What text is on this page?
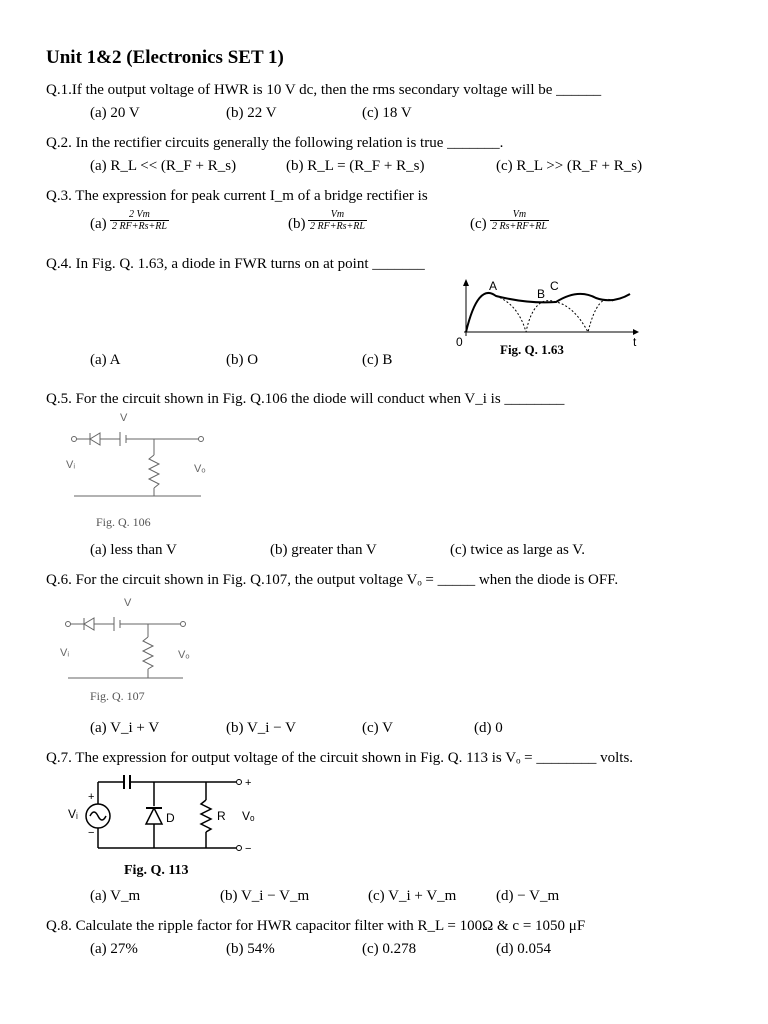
Unit 1&2 (Electronics SET 1)
Q.1.If the output voltage of HWR is 10 V dc, then the rms secondary voltage will be ______
(a) 20 V	(b) 22 V	(c) 18 V
Q.2. In the rectifier circuits generally the following relation is true _______.
(a) R_L << (R_F + R_s)	(b) R_L = (R_F + R_s)	(c) R_L >> (R_F + R_s)
Q.3. The expression for peak current I_m of a bridge rectifier is
$(a) \frac{2 Vm}{2 RF+Rs+RL}$	$(b) \frac{Vm}{2 RF+Rs+RL}$	$(c) \frac{Vm}{2 Rs+RF+RL}$
Q.4. In Fig. Q. 1.63, a diode in FWR turns on at point _______
A
B
C
0	t
Fig. Q. 1.63
(a) A	(b) O	(c) B
Q.5. For the circuit shown in Fig. Q.106 the diode will conduct when V_i is ________
V
Vᵢ	Vₒ
Fig. Q. 106
(a) less than V	(b) greater than V	(c) twice as large as V.
Q.6. For the circuit shown in Fig. Q.107, the output voltage Vₒ = _____ when the diode is OFF.
V
Vᵢ	Vₒ
Fig. Q. 107
(a) V_i + V	(b) V_i − V	(c) V	(d) 0
Q.7. The expression for output voltage of the circuit shown in Fig. Q. 113 is Vₒ = ________ volts.
Vᵢ
+
−
D	R Vₒ
+
−
Fig. Q. 113
(a) V_m	(b) V_i − V_m	(c) V_i + V_m	(d) − V_m
Q.8. Calculate the ripple factor for HWR capacitor filter with R_L = 100Ω & c = 1050 μF
(a) 27%	(b) 54%	(c) 0.278	(d) 0.054
